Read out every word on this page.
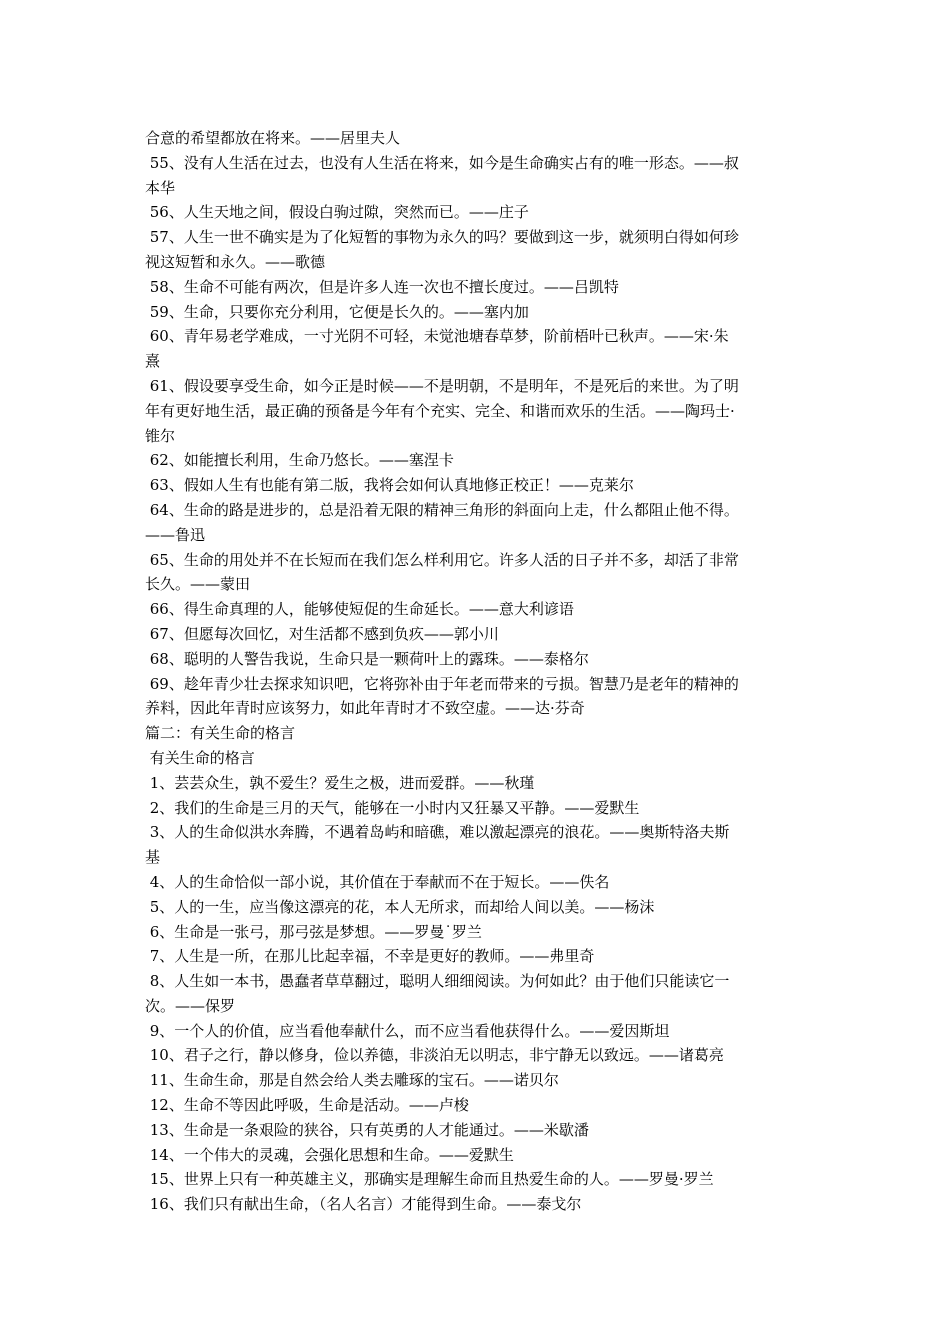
合意的希望都放在将来。——居里夫人

55、没有人生活在过去，也没有人生活在将来，如今是生命确实占有的唯一形态。——叔

本华

56、人生天地之间，假设白驹过隙，突然而已。——庄子

57、人生一世不确实是为了化短暂的事物为永久的吗？要做到这一步，就须明白得如何珍

视这短暂和永久。——歌德

58、生命不可能有两次，但是许多人连一次也不擅长度过。——吕凯特

59、生命，只要你充分利用，它便是长久的。——塞内加

60、青年易老学难成，一寸光阴不可轻，未觉池塘春草梦，阶前梧叶已秋声。——宋·朱

熹

61、假设要享受生命，如今正是时候——不是明朝，不是明年，不是死后的来世。为了明

年有更好地生活，最正确的预备是今年有个充实、完全、和谐而欢乐的生活。——陶玛士·

锥尔

62、如能擅长利用，生命乃悠长。——塞涅卡

63、假如人生有也能有第二版，我将会如何认真地修正校正！——克莱尔

64、生命的路是进步的，总是沿着无限的精神三角形的斜面向上走，什么都阻止他不得。

——鲁迅

65、生命的用处并不在长短而在我们怎么样利用它。许多人活的日子并不多，却活了非常

长久。——蒙田

66、得生命真理的人，能够使短促的生命延长。——意大利谚语

67、但愿每次回忆，对生活都不感到负疚——郭小川

68、聪明的人警告我说，生命只是一颗荷叶上的露珠。——泰格尔

69、趁年青少壮去探求知识吧，它将弥补由于年老而带来的亏损。智慧乃是老年的精神的

养料，因此年青时应该努力，如此年青时才不致空虚。——达·芬奇

篇二：有关生命的格言

有关生命的格言

1、芸芸众生，孰不爱生？爱生之极，进而爱群。——秋瑾

2、我们的生命是三月的天气，能够在一小时内又狂暴又平静。——爱默生

3、人的生命似洪水奔腾，不遇着岛屿和暗礁，难以激起漂亮的浪花。——奥斯特洛夫斯

基

4、人的生命恰似一部小说，其价值在于奉献而不在于短长。——佚名

5、人的一生，应当像这漂亮的花，本人无所求，而却给人间以美。——杨沫

6、生命是一张弓，那弓弦是梦想。——罗曼˙罗兰

7、人生是一所，在那儿比起幸福，不幸是更好的教师。——弗里奇

8、人生如一本书，愚蠢者草草翻过，聪明人细细阅读。为何如此？由于他们只能读它一

次。——保罗

9、一个人的价值，应当看他奉献什么，而不应当看他获得什么。——爱因斯坦

10、君子之行，静以修身，俭以养德，非淡泊无以明志，非宁静无以致远。——诸葛亮

11、生命生命，那是自然会给人类去雕琢的宝石。——诺贝尔

12、生命不等因此呼吸，生命是活动。——卢梭

13、生命是一条艰险的狭谷，只有英勇的人才能通过。——米歇潘

14、一个伟大的灵魂，会强化思想和生命。——爱默生

15、世界上只有一种英雄主义，那确实是理解生命而且热爱生命的人。——罗曼·罗兰

16、我们只有献出生命，（名人名言）才能得到生命。——泰戈尔
